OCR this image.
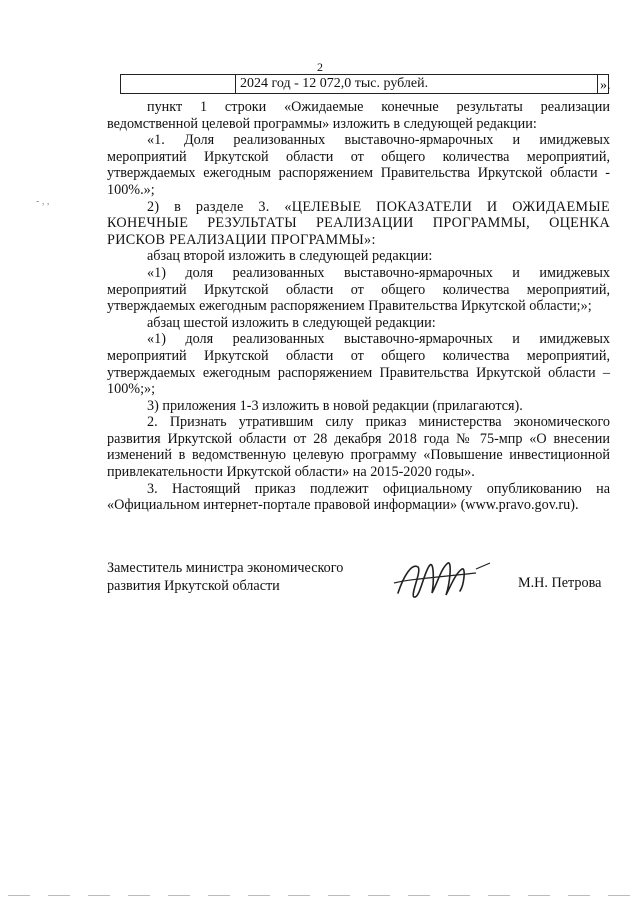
2
	2024 год - 12 072,0 тыс. рублей.		».
- , ,

пункт 1 строки «Ожидаемые конечные результаты реализации ведомственной целевой программы» изложить в следующей редакции:

«1. Доля реализованных выставочно-ярмарочных и имиджевых мероприятий Иркутской области от общего количества мероприятий, утверждаемых ежегодным распоряжением Правительства Иркутской области - 100%.»;

2) в разделе 3. «ЦЕЛЕВЫЕ ПОКАЗАТЕЛИ И ОЖИДАЕМЫЕ КОНЕЧНЫЕ РЕЗУЛЬТАТЫ РЕАЛИЗАЦИИ ПРОГРАММЫ, ОЦЕНКА РИСКОВ РЕАЛИЗАЦИИ ПРОГРАММЫ»:

абзац второй изложить в следующей редакции:

«1) доля реализованных выставочно-ярмарочных и имиджевых мероприятий Иркутской области от общего количества мероприятий, утверждаемых ежегодным распоряжением Правительства Иркутской области;»;

абзац шестой изложить в следующей редакции:

«1) доля реализованных выставочно-ярмарочных и имиджевых мероприятий Иркутской области от общего количества мероприятий, утверждаемых ежегодным распоряжением Правительства Иркутской области – 100%;»;

3) приложения 1-3 изложить в новой редакции (прилагаются).

2. Признать утратившим силу приказ министерства экономического развития Иркутской области от 28 декабря 2018 года № 75-мпр «О внесении изменений в ведомственную целевую программу «Повышение инвестиционной привлекательности Иркутской области» на 2015-2020 годы».

3. Настоящий приказ подлежит официальному опубликованию на «Официальном интернет-портале правовой информации» (www.pravo.gov.ru).

Заместитель министра экономического
развития Иркутской области	М.Н. Петрова
